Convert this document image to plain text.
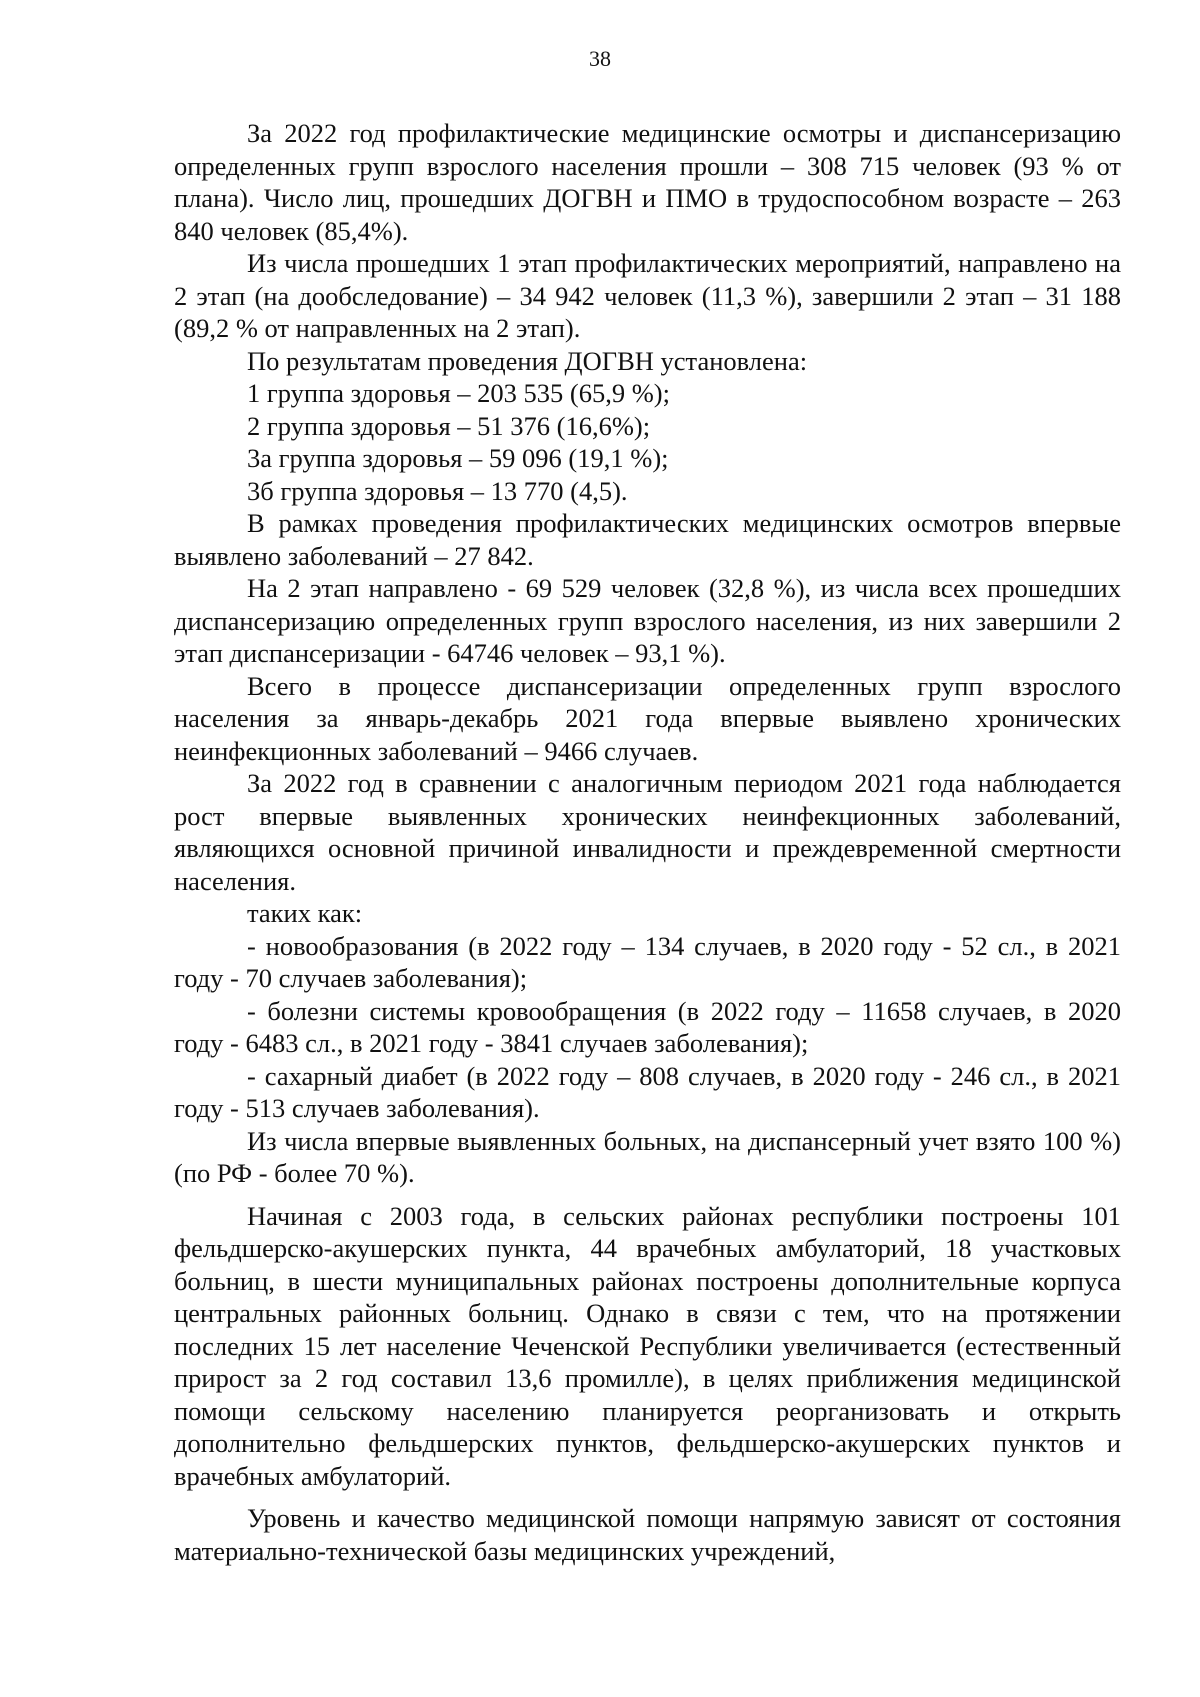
38

За 2022 год профилактические медицинские осмотры и диспансеризацию определенных групп взрослого населения прошли – 308 715 человек (93 % от плана). Число лиц, прошедших ДОГВН и ПМО в трудоспособном возрасте – 263 840 человек (85,4%).

Из числа прошедших 1 этап профилактических мероприятий, направлено на 2 этап (на дообследование) – 34 942 человек (11,3 %), завершили 2 этап – 31 188 (89,2 % от направленных на 2 этап).

По результатам проведения ДОГВН установлена:

1 группа здоровья – 203 535 (65,9 %);

2 группа здоровья – 51 376 (16,6%);

3а группа здоровья – 59 096 (19,1 %);

3б группа здоровья – 13 770 (4,5).

В рамках проведения профилактических медицинских осмотров впервые выявлено заболеваний – 27 842.

На 2 этап направлено - 69 529 человек (32,8 %), из числа всех прошедших диспансеризацию определенных групп взрослого населения, из них завершили 2 этап диспансеризации - 64746 человек – 93,1 %).

Всего в процессе диспансеризации определенных групп взрослого населения за январь-декабрь 2021 года впервые выявлено хронических неинфекционных заболеваний – 9466 случаев.

За 2022 год в сравнении с аналогичным периодом 2021 года наблюдается рост впервые выявленных хронических неинфекционных заболеваний, являющихся основной причиной инвалидности и преждевременной смертности населения.

таких как:

- новообразования (в 2022 году – 134 случаев, в 2020 году - 52 сл., в 2021 году - 70 случаев заболевания);

- болезни системы кровообращения (в 2022 году – 11658 случаев, в 2020 году - 6483 сл., в 2021 году - 3841 случаев заболевания);

- сахарный диабет (в 2022 году – 808 случаев, в 2020 году - 246 сл., в 2021 году - 513 случаев заболевания).

Из числа впервые выявленных больных, на диспансерный учет взято 100 %) (по РФ - более 70 %).

Начиная с 2003 года, в сельских районах республики построены 101 фельдшерско-акушерских пункта, 44 врачебных амбулаторий, 18 участковых больниц, в шести муниципальных районах построены дополнительные корпуса центральных районных больниц. Однако в связи с тем, что на протяжении последних 15 лет население Чеченской Республики увеличивается (естественный прирост за 2 год составил 13,6 промилле), в целях приближения медицинской помощи сельскому населению планируется реорганизовать и открыть дополнительно фельдшерских пунктов, фельдшерско-акушерских пунктов и врачебных амбулаторий.

Уровень и качество медицинской помощи напрямую зависят от состояния материально-технической базы медицинских учреждений,
